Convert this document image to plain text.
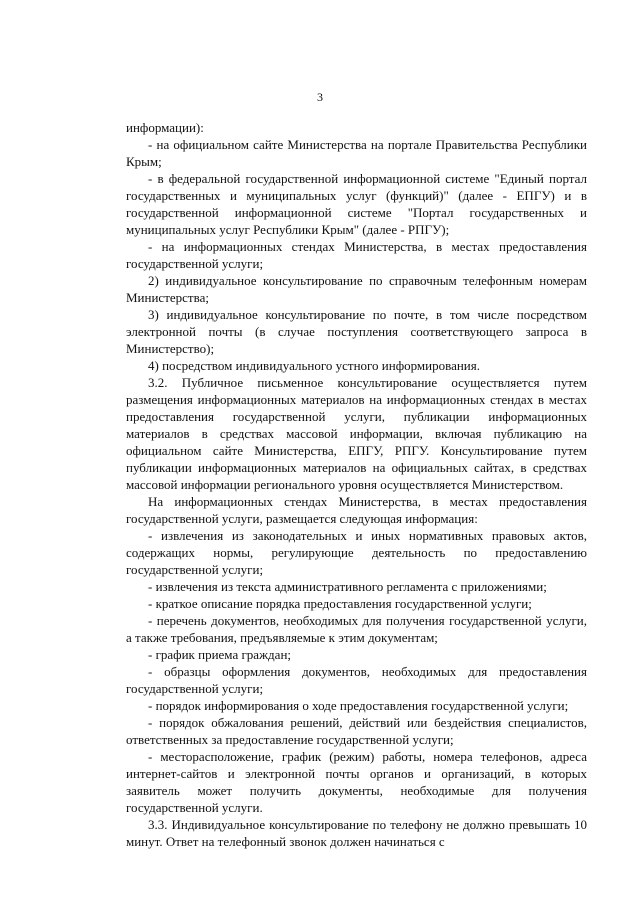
3

информации):

- на официальном сайте Министерства на портале Правительства Республики Крым;

- в федеральной государственной информационной системе "Единый портал государственных и муниципальных услуг (функций)" (далее - ЕПГУ) и в государственной информационной системе "Портал государственных и муниципальных услуг Республики Крым" (далее - РПГУ);

- на информационных стендах Министерства, в местах предоставления государственной услуги;

2) индивидуальное консультирование по справочным телефонным номерам Министерства;

3) индивидуальное консультирование по почте, в том числе посредством электронной почты (в случае поступления соответствующего запроса в Министерство);

4) посредством индивидуального устного информирования.

3.2. Публичное письменное консультирование осуществляется путем размещения информационных материалов на информационных стендах в местах предоставления государственной услуги, публикации информационных материалов в средствах массовой информации, включая публикацию на официальном сайте Министерства, ЕПГУ, РПГУ. Консультирование путем публикации информационных материалов на официальных сайтах, в средствах массовой информации регионального уровня осуществляется Министерством.

На информационных стендах Министерства, в местах предоставления государственной услуги, размещается следующая информация:

- извлечения из законодательных и иных нормативных правовых актов, содержащих нормы, регулирующие деятельность по предоставлению государственной услуги;

- извлечения из текста административного регламента с приложениями;

- краткое описание порядка предоставления государственной услуги;

- перечень документов, необходимых для получения государственной услуги, а также требования, предъявляемые к этим документам;

- график приема граждан;

- образцы оформления документов, необходимых для предоставления государственной услуги;

- порядок информирования о ходе предоставления государственной услуги;

- порядок обжалования решений, действий или бездействия специалистов, ответственных за предоставление государственной услуги;

- месторасположение, график (режим) работы, номера телефонов, адреса интернет-сайтов и электронной почты органов и организаций, в которых заявитель может получить документы, необходимые для получения государственной услуги.

3.3. Индивидуальное консультирование по телефону не должно превышать 10 минут. Ответ на телефонный звонок должен начинаться с
